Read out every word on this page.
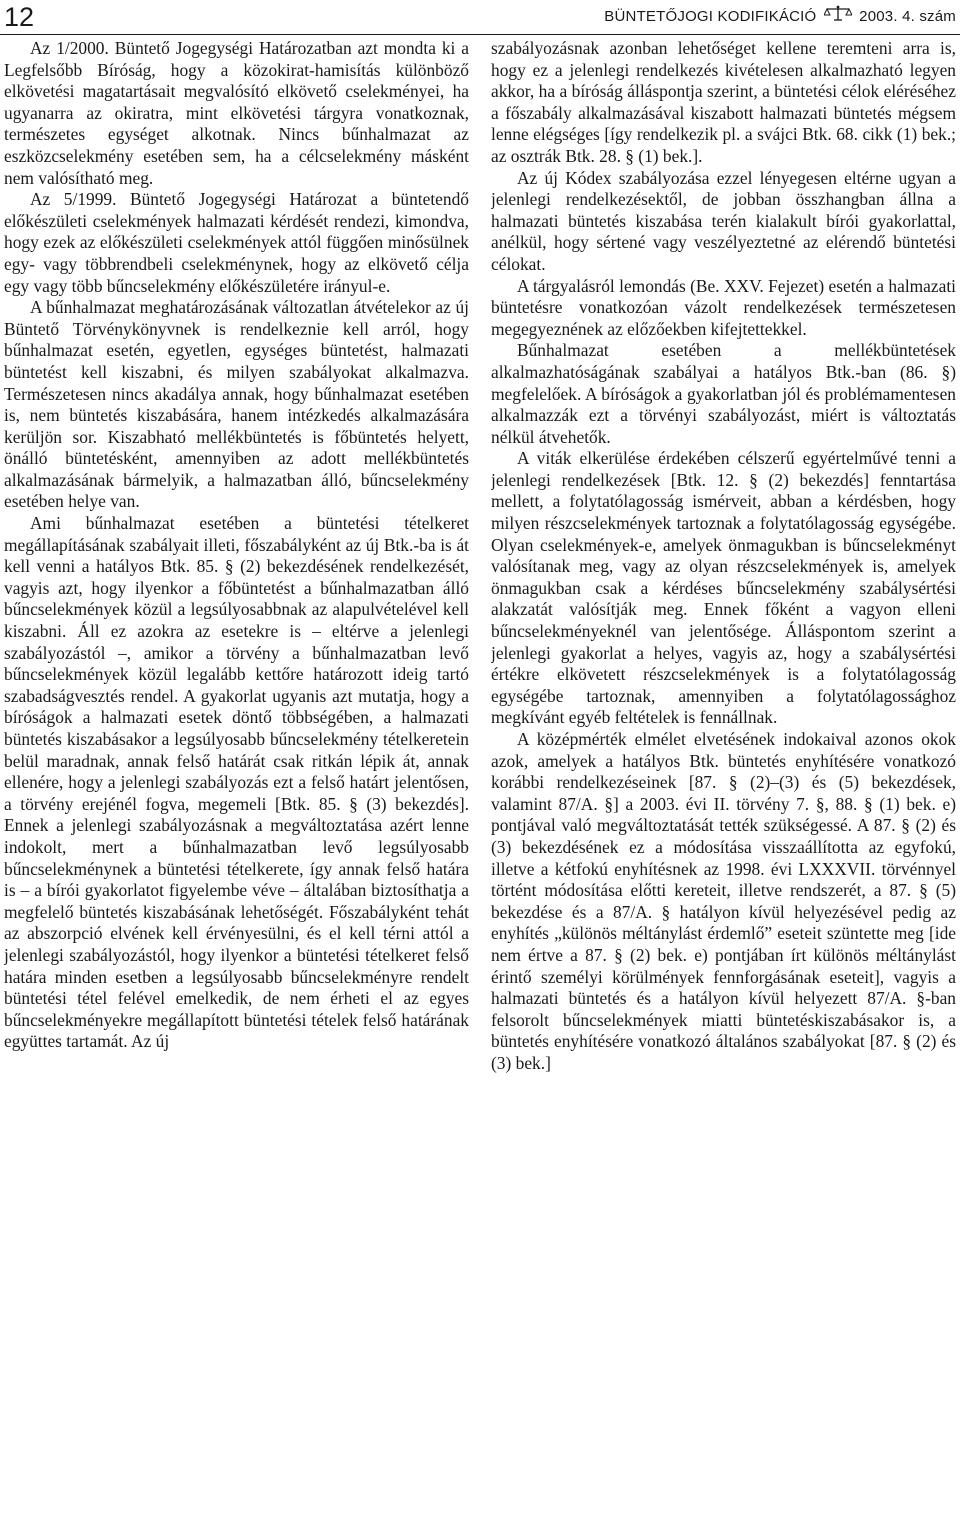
12	BÜNTETŐJOGI KODIFIKÁCIÓ	2003. 4. szám

Az 1/2000. Büntető Jogegységi Határozatban azt mondta ki a Legfelsőbb Bíróság, hogy a közokirat-hamisítás különböző elkövetési magatartásait megvalósító elkövető cselekményei, ha ugyanarra az okiratra, mint elkövetési tárgyra vonatkoznak, természetes egységet alkotnak. Nincs bűnhalmazat az eszközcselekmény esetében sem, ha a célcselekmény másként nem valósítható meg.

Az 5/1999. Büntető Jogegységi Határozat a büntetendő előkészületi cselekmények halmazati kérdését rendezi, kimondva, hogy ezek az előkészületi cselekmények attól függően minősülnek egy- vagy többrendbeli cselekménynek, hogy az elkövető célja egy vagy több bűncselekmény előkészületére irányul-e.

A bűnhalmazat meghatározásának változatlan átvételekor az új Büntető Törvénykönyvnek is rendelkeznie kell arról, hogy bűnhalmazat esetén, egyetlen, egységes büntetést, halmazati büntetést kell kiszabni, és milyen szabályokat alkalmazva. Természetesen nincs akadálya annak, hogy bűnhalmazat esetében is, nem büntetés kiszabására, hanem intézkedés alkalmazására kerüljön sor. Kiszabható mellékbüntetés is főbüntetés helyett, önálló büntetésként, amennyiben az adott mellékbüntetés alkalmazásának bármelyik, a halmazatban álló, bűncselekmény esetében helye van.

Ami bűnhalmazat esetében a büntetési tételkeret megállapításának szabályait illeti, főszabályként az új Btk.-ba is át kell venni a hatályos Btk. 85. § (2) bekezdésének rendelkezését, vagyis azt, hogy ilyenkor a főbüntetést a bűnhalmazatban álló bűncselekmények közül a legsúlyosabbnak az alapulvételével kell kiszabni. Áll ez azokra az esetekre is – eltérve a jelenlegi szabályozástól –, amikor a törvény a bűnhalmazatban levő bűncselekmények közül legalább kettőre határozott ideig tartó szabadságvesztés rendel. A gyakorlat ugyanis azt mutatja, hogy a bíróságok a halmazati esetek döntő többségében, a halmazati büntetés kiszabásakor a legsúlyosabb bűncselekmény tételkeretein belül maradnak, annak felső határát csak ritkán lépik át, annak ellenére, hogy a jelenlegi szabályozás ezt a felső határt jelentősen, a törvény erejénél fogva, megemeli [Btk. 85. § (3) bekezdés]. Ennek a jelenlegi szabályozásnak a megváltoztatása azért lenne indokolt, mert a bűnhalmazatban levő legsúlyosabb bűncselekménynek a büntetési tételkerete, így annak felső határa is – a bírói gyakorlatot figyelembe véve – általában biztosíthatja a megfelelő büntetés kiszabásának lehetőségét. Főszabályként tehát az abszorpció elvének kell érvényesülni, és el kell térni attól a jelenlegi szabályozástól, hogy ilyenkor a büntetési tételkeret felső határa minden esetben a legsúlyosabb bűncselekményre rendelt büntetési tétel felével emelkedik, de nem érheti el az egyes bűncselekményekre megállapított büntetési tételek felső határának együttes tartamát. Az új

szabályozásnak azonban lehetőséget kellene teremteni arra is, hogy ez a jelenlegi rendelkezés kivételesen alkalmazható legyen akkor, ha a bíróság álláspontja szerint, a büntetési célok eléréséhez a főszabály alkalmazásával kiszabott halmazati büntetés mégsem lenne elégséges [így rendelkezik pl. a svájci Btk. 68. cikk (1) bek.; az osztrák Btk. 28. § (1) bek.].

Az új Kódex szabályozása ezzel lényegesen eltérne ugyan a jelenlegi rendelkezésektől, de jobban összhangban állna a halmazati büntetés kiszabása terén kialakult bírói gyakorlattal, anélkül, hogy sértené vagy veszélyeztetné az elérendő büntetési célokat.

A tárgyalásról lemondás (Be. XXV. Fejezet) esetén a halmazati büntetésre vonatkozóan vázolt rendelkezések természetesen megegyeznének az előzőekben kifejtettekkel.

Bűnhalmazat esetében a mellékbüntetések alkalmazhatóságának szabályai a hatályos Btk.-ban (86. §) megfelelőek. A bíróságok a gyakorlatban jól és problémamentesen alkalmazzák ezt a törvényi szabályozást, miért is változtatás nélkül átvehetők.

A viták elkerülése érdekében célszerű egyértelművé tenni a jelenlegi rendelkezések [Btk. 12. § (2) bekezdés] fenntartása mellett, a folytatólagosság ismérveit, abban a kérdésben, hogy milyen részcselekmények tartoznak a folytatólagosság egységébe. Olyan cselekmények-e, amelyek önmagukban is bűncselekményt valósítanak meg, vagy az olyan részcselekmények is, amelyek önmagukban csak a kérdéses bűncselekmény szabálysértési alakzatát valósítják meg. Ennek főként a vagyon elleni bűncselekményeknél van jelentősége. Álláspontom szerint a jelenlegi gyakorlat a helyes, vagyis az, hogy a szabálysértési értékre elkövetett részcselekmények is a folytatólagosság egységébe tartoznak, amennyiben a folytatólagossághoz megkívánt egyéb feltételek is fennállnak.

A középmérték elmélet elvetésének indokaival azonos okok azok, amelyek a hatályos Btk. büntetés enyhítésére vonatkozó korábbi rendelkezéseinek [87. § (2)–(3) és (5) bekezdések, valamint 87/A. §] a 2003. évi II. törvény 7. §, 88. § (1) bek. e) pontjával való megváltoztatását tették szükségessé. A 87. § (2) és (3) bekezdésének ez a módosítása visszaállította az egyfokú, illetve a kétfokú enyhítésnek az 1998. évi LXXXVII. törvénnyel történt módosítása előtti kereteit, illetve rendszerét, a 87. § (5) bekezdése és a 87/A. § hatályon kívül helyezésével pedig az enyhítés „különös méltánylást érdemlő” eseteit szüntette meg [ide nem értve a 87. § (2) bek. e) pontjában írt különös méltánylást érintő személyi körülmények fennforgásának eseteit], vagyis a halmazati büntetés és a hatályon kívül helyezett 87/A. §-ban felsorolt bűncselekmények miatti büntetéskiszabásakor is, a büntetés enyhítésére vonatkozó általános szabályokat [87. § (2) és (3) bek.]
